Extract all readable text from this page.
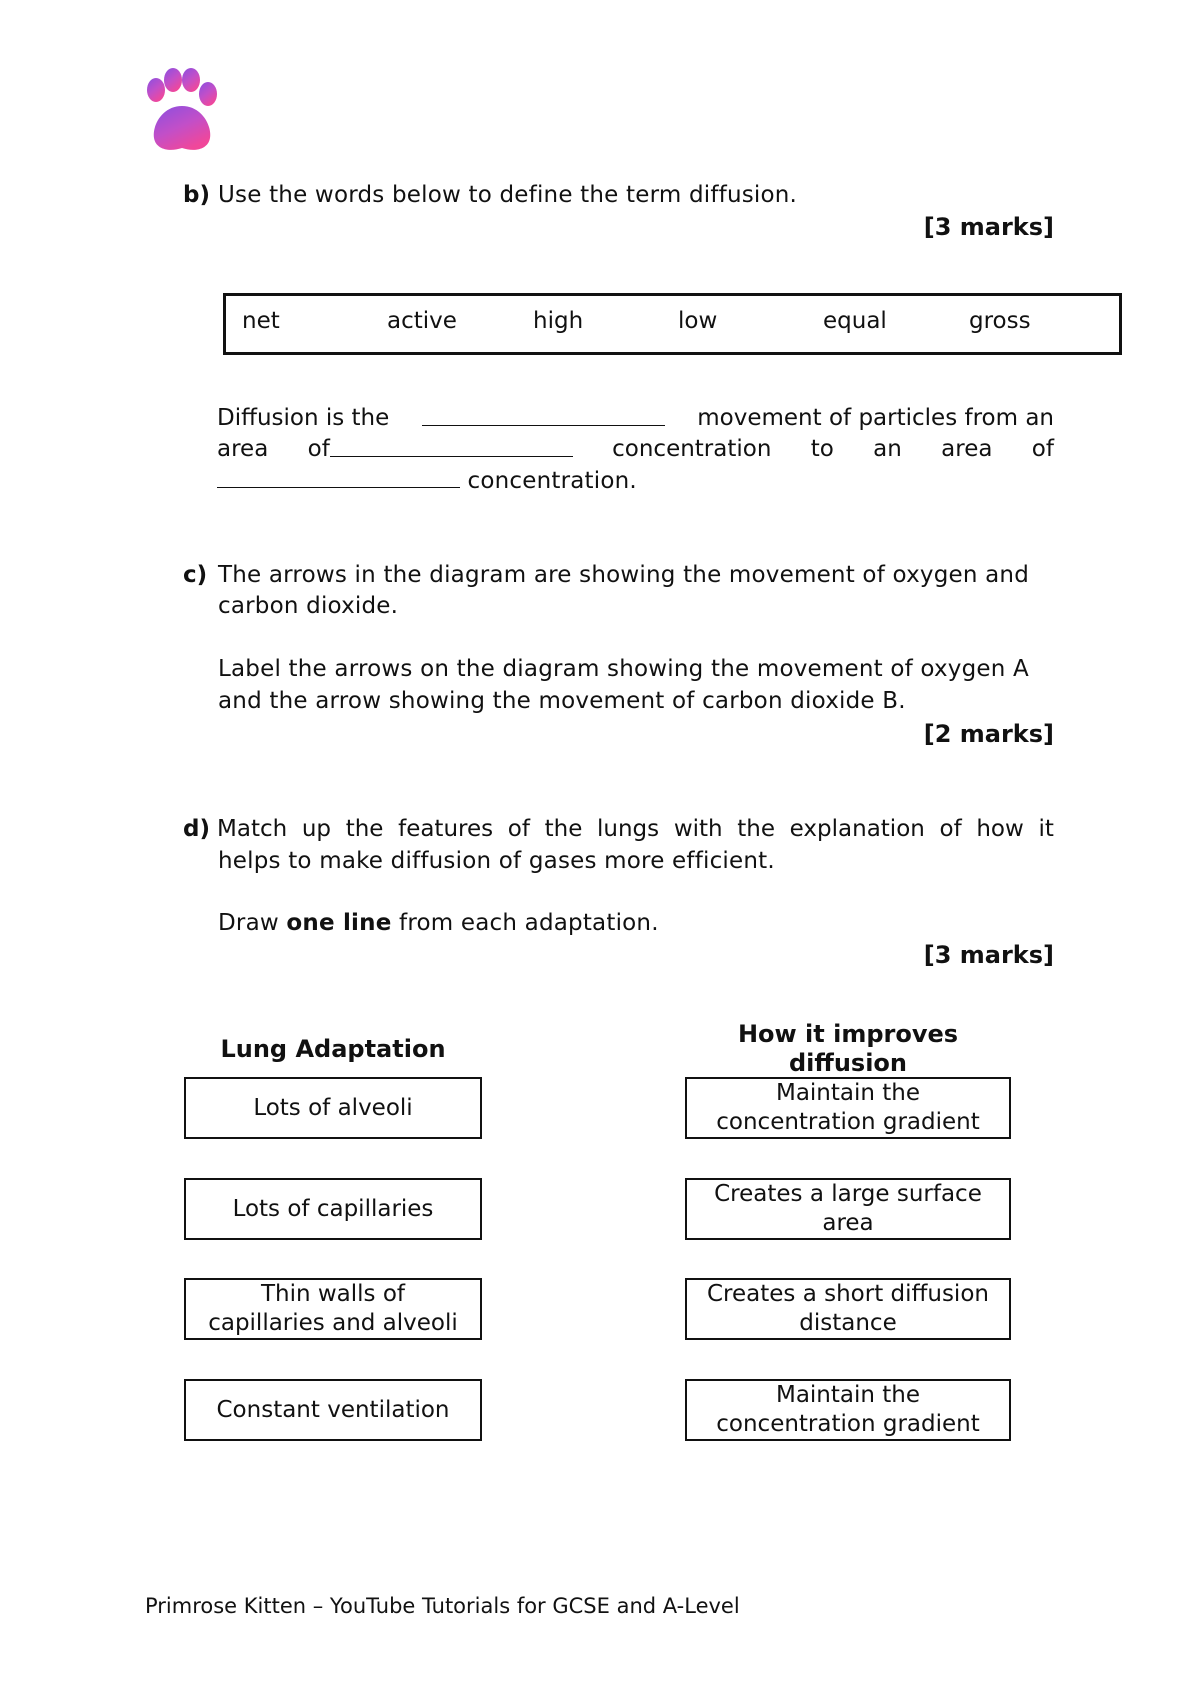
b) Use the words below to define the term diffusion.
[3 marks]
net	active	high	low	equal	gross
Diffusion is the	movement of particles from an
area of	concentration to an area of
concentration.
c) The arrows in the diagram are showing the movement of oxygen and
carbon dioxide.
Label the arrows on the diagram showing the movement of oxygen A
and the arrow showing the movement of carbon dioxide B.
[2 marks]
d) Match up the features of the lungs with the explanation of how it
helps to make diffusion of gases more efficient.
Draw one line from each adaptation.
[3 marks]
Lung Adaptation
How it improves diffusion
Lots of alveoli
Lots of capillaries
Thin walls of capillaries and alveoli
Constant ventilation
Maintain the concentration gradient
Creates a large surface area
Creates a short diffusion distance
Maintain the concentration gradient
Primrose Kitten – YouTube Tutorials for GCSE and A-Level
